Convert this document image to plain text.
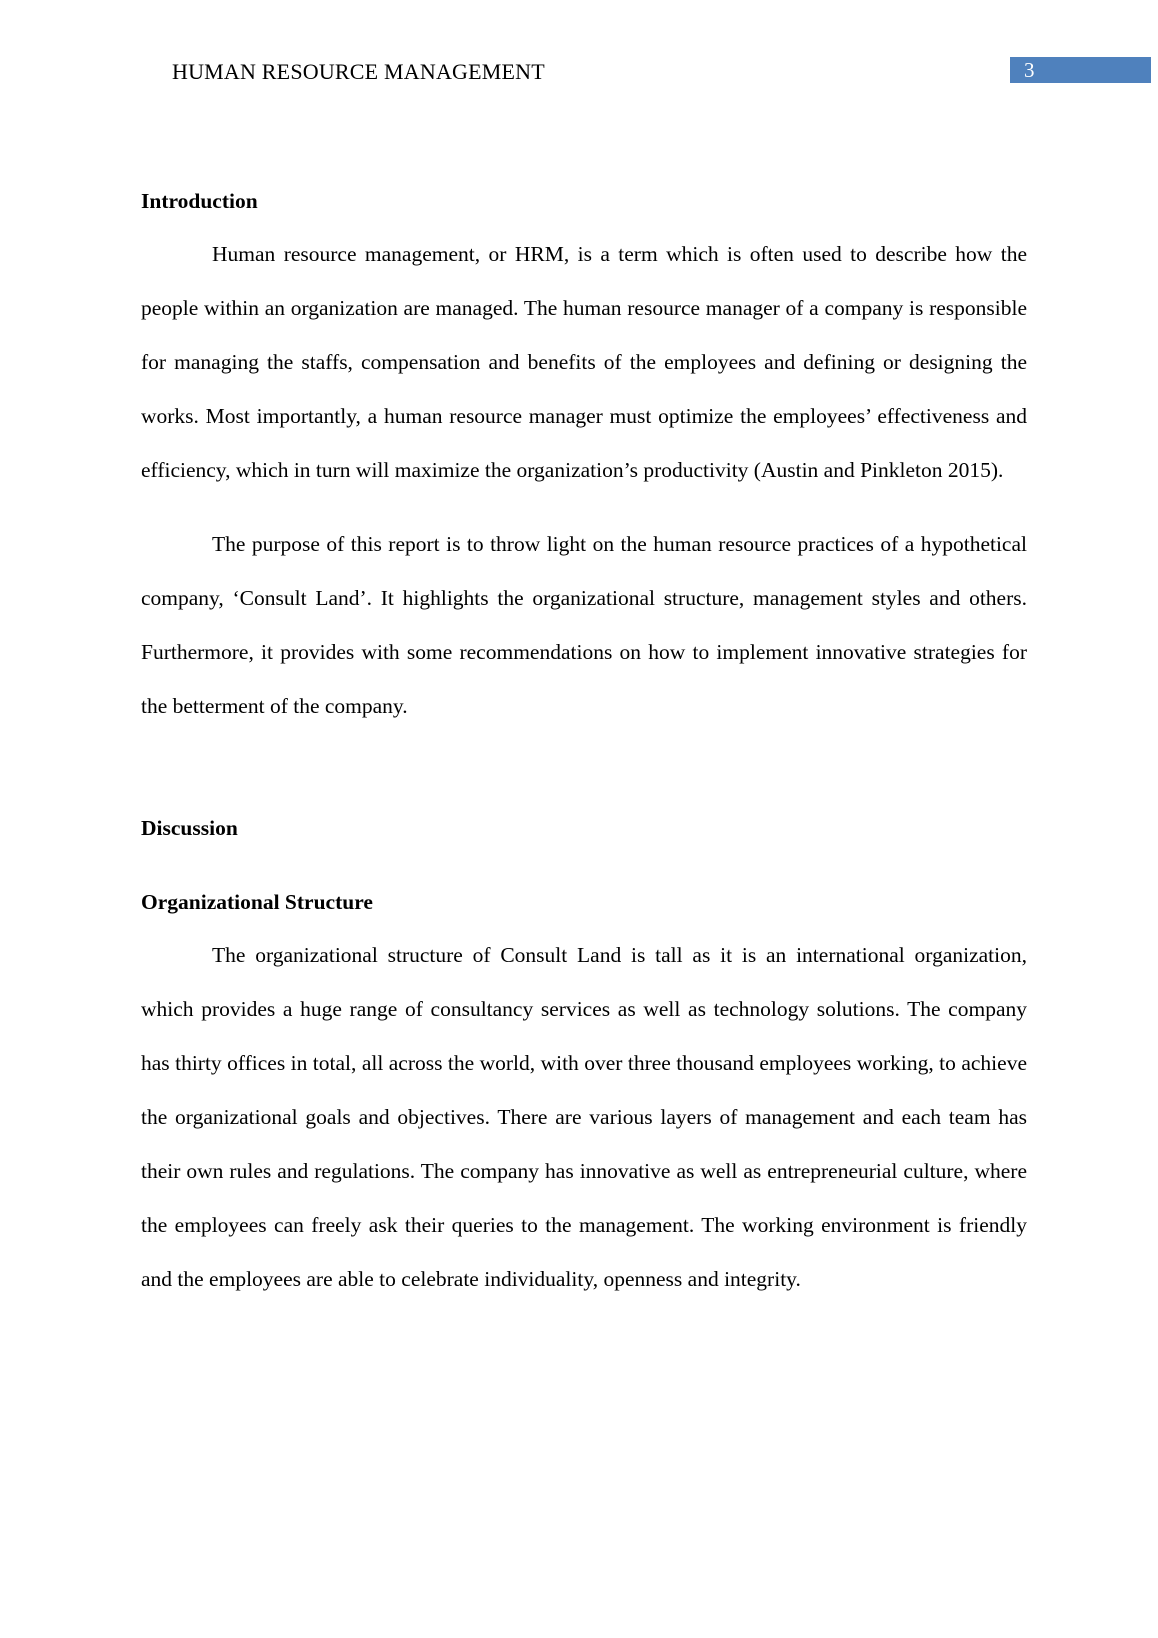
HUMAN RESOURCE MANAGEMENT	3
Introduction

Human resource management, or HRM, is a term which is often used to describe how the people within an organization are managed. The human resource manager of a company is responsible for managing the staffs, compensation and benefits of the employees and defining or designing the works. Most importantly, a human resource manager must optimize the employees’ effectiveness and efficiency, which in turn will maximize the organization’s productivity (Austin and Pinkleton 2015).

The purpose of this report is to throw light on the human resource practices of a hypothetical company, ‘Consult Land’. It highlights the organizational structure, management styles and others. Furthermore, it provides with some recommendations on how to implement innovative strategies for the betterment of the company.

Discussion
Organizational Structure

The organizational structure of Consult Land is tall as it is an international organization, which provides a huge range of consultancy services as well as technology solutions. The company has thirty offices in total, all across the world, with over three thousand employees working, to achieve the organizational goals and objectives. There are various layers of management and each team has their own rules and regulations. The company has innovative as well as entrepreneurial culture, where the employees can freely ask their queries to the management. The working environment is friendly and the employees are able to celebrate individuality, openness and integrity.
